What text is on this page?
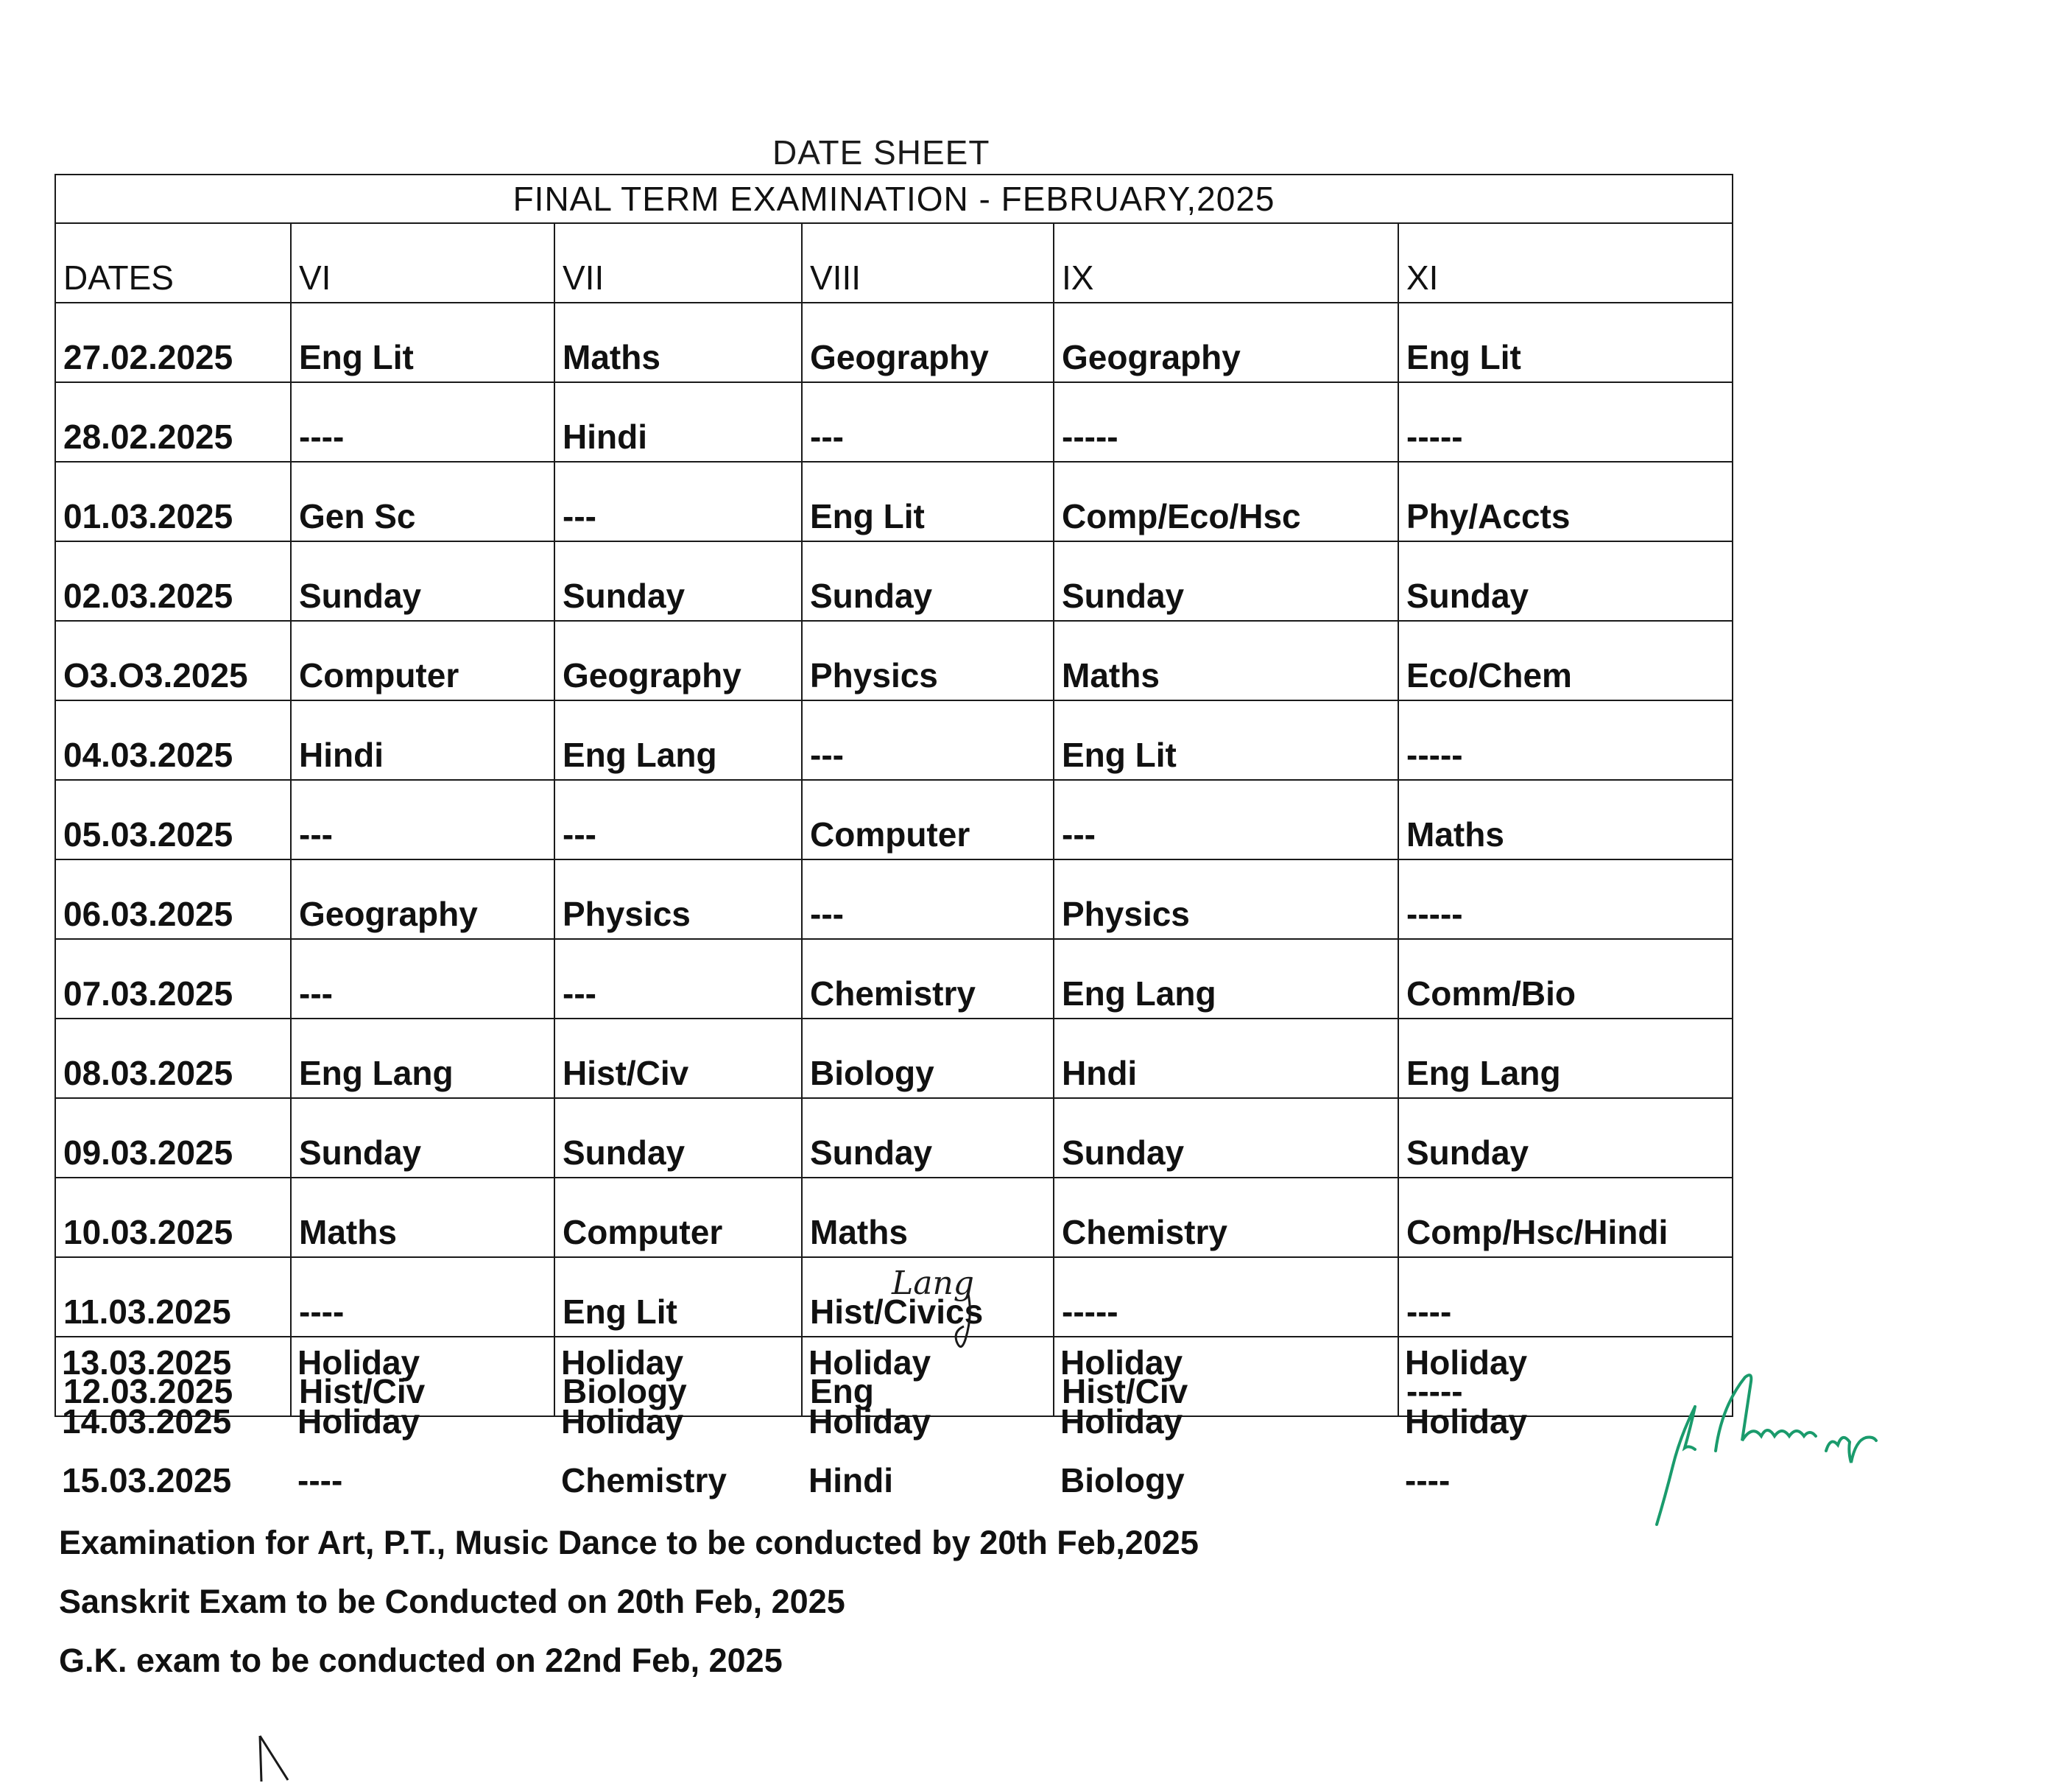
DATE SHEET
FINAL TERM EXAMINATION - FEBRUARY,2025					
DATES	VI	VII	VIII	IX	XI
27.02.2025	Eng Lit	Maths	Geography	Geography	Eng Lit
28.02.2025	----	Hindi	---	-----	-----
01.03.2025	Gen Sc	---	Eng Lit	Comp/Eco/Hsc	Phy/Accts
02.03.2025	Sunday	Sunday	Sunday	Sunday	Sunday
O3.O3.2025	Computer	Geography	Physics	Maths	Eco/Chem
04.03.2025	Hindi	Eng Lang	---	Eng Lit	-----
05.03.2025	---	---	Computer	---	Maths
06.03.2025	Geography	Physics	---	Physics	-----
07.03.2025	---	---	Chemistry	Eng Lang	Comm/Bio
08.03.2025	Eng Lang	Hist/Civ	Biology	Hndi	Eng Lang
09.03.2025	Sunday	Sunday	Sunday	Sunday	Sunday
10.03.2025	Maths	Computer	Maths	Chemistry	Comp/Hsc/Hindi
11.03.2025	----	Eng Lit	Hist/Civics	-----	----
12.03.2025	Hist/Civ	Biology	Eng	Hist/Civ	-----
13.03.2025	Holiday	Holiday	Holiday	Holiday	Holiday
14.03.2025	Holiday	Holiday	Holiday	Holiday	Holiday
15.03.2025	----	Chemistry	Hindi	Biology	----
Lang
Examination for Art, P.T., Music Dance to be conducted by 20th Feb,2025
Sanskrit Exam to be Conducted on 20th Feb, 2025
G.K. exam to be conducted on 22nd Feb, 2025
